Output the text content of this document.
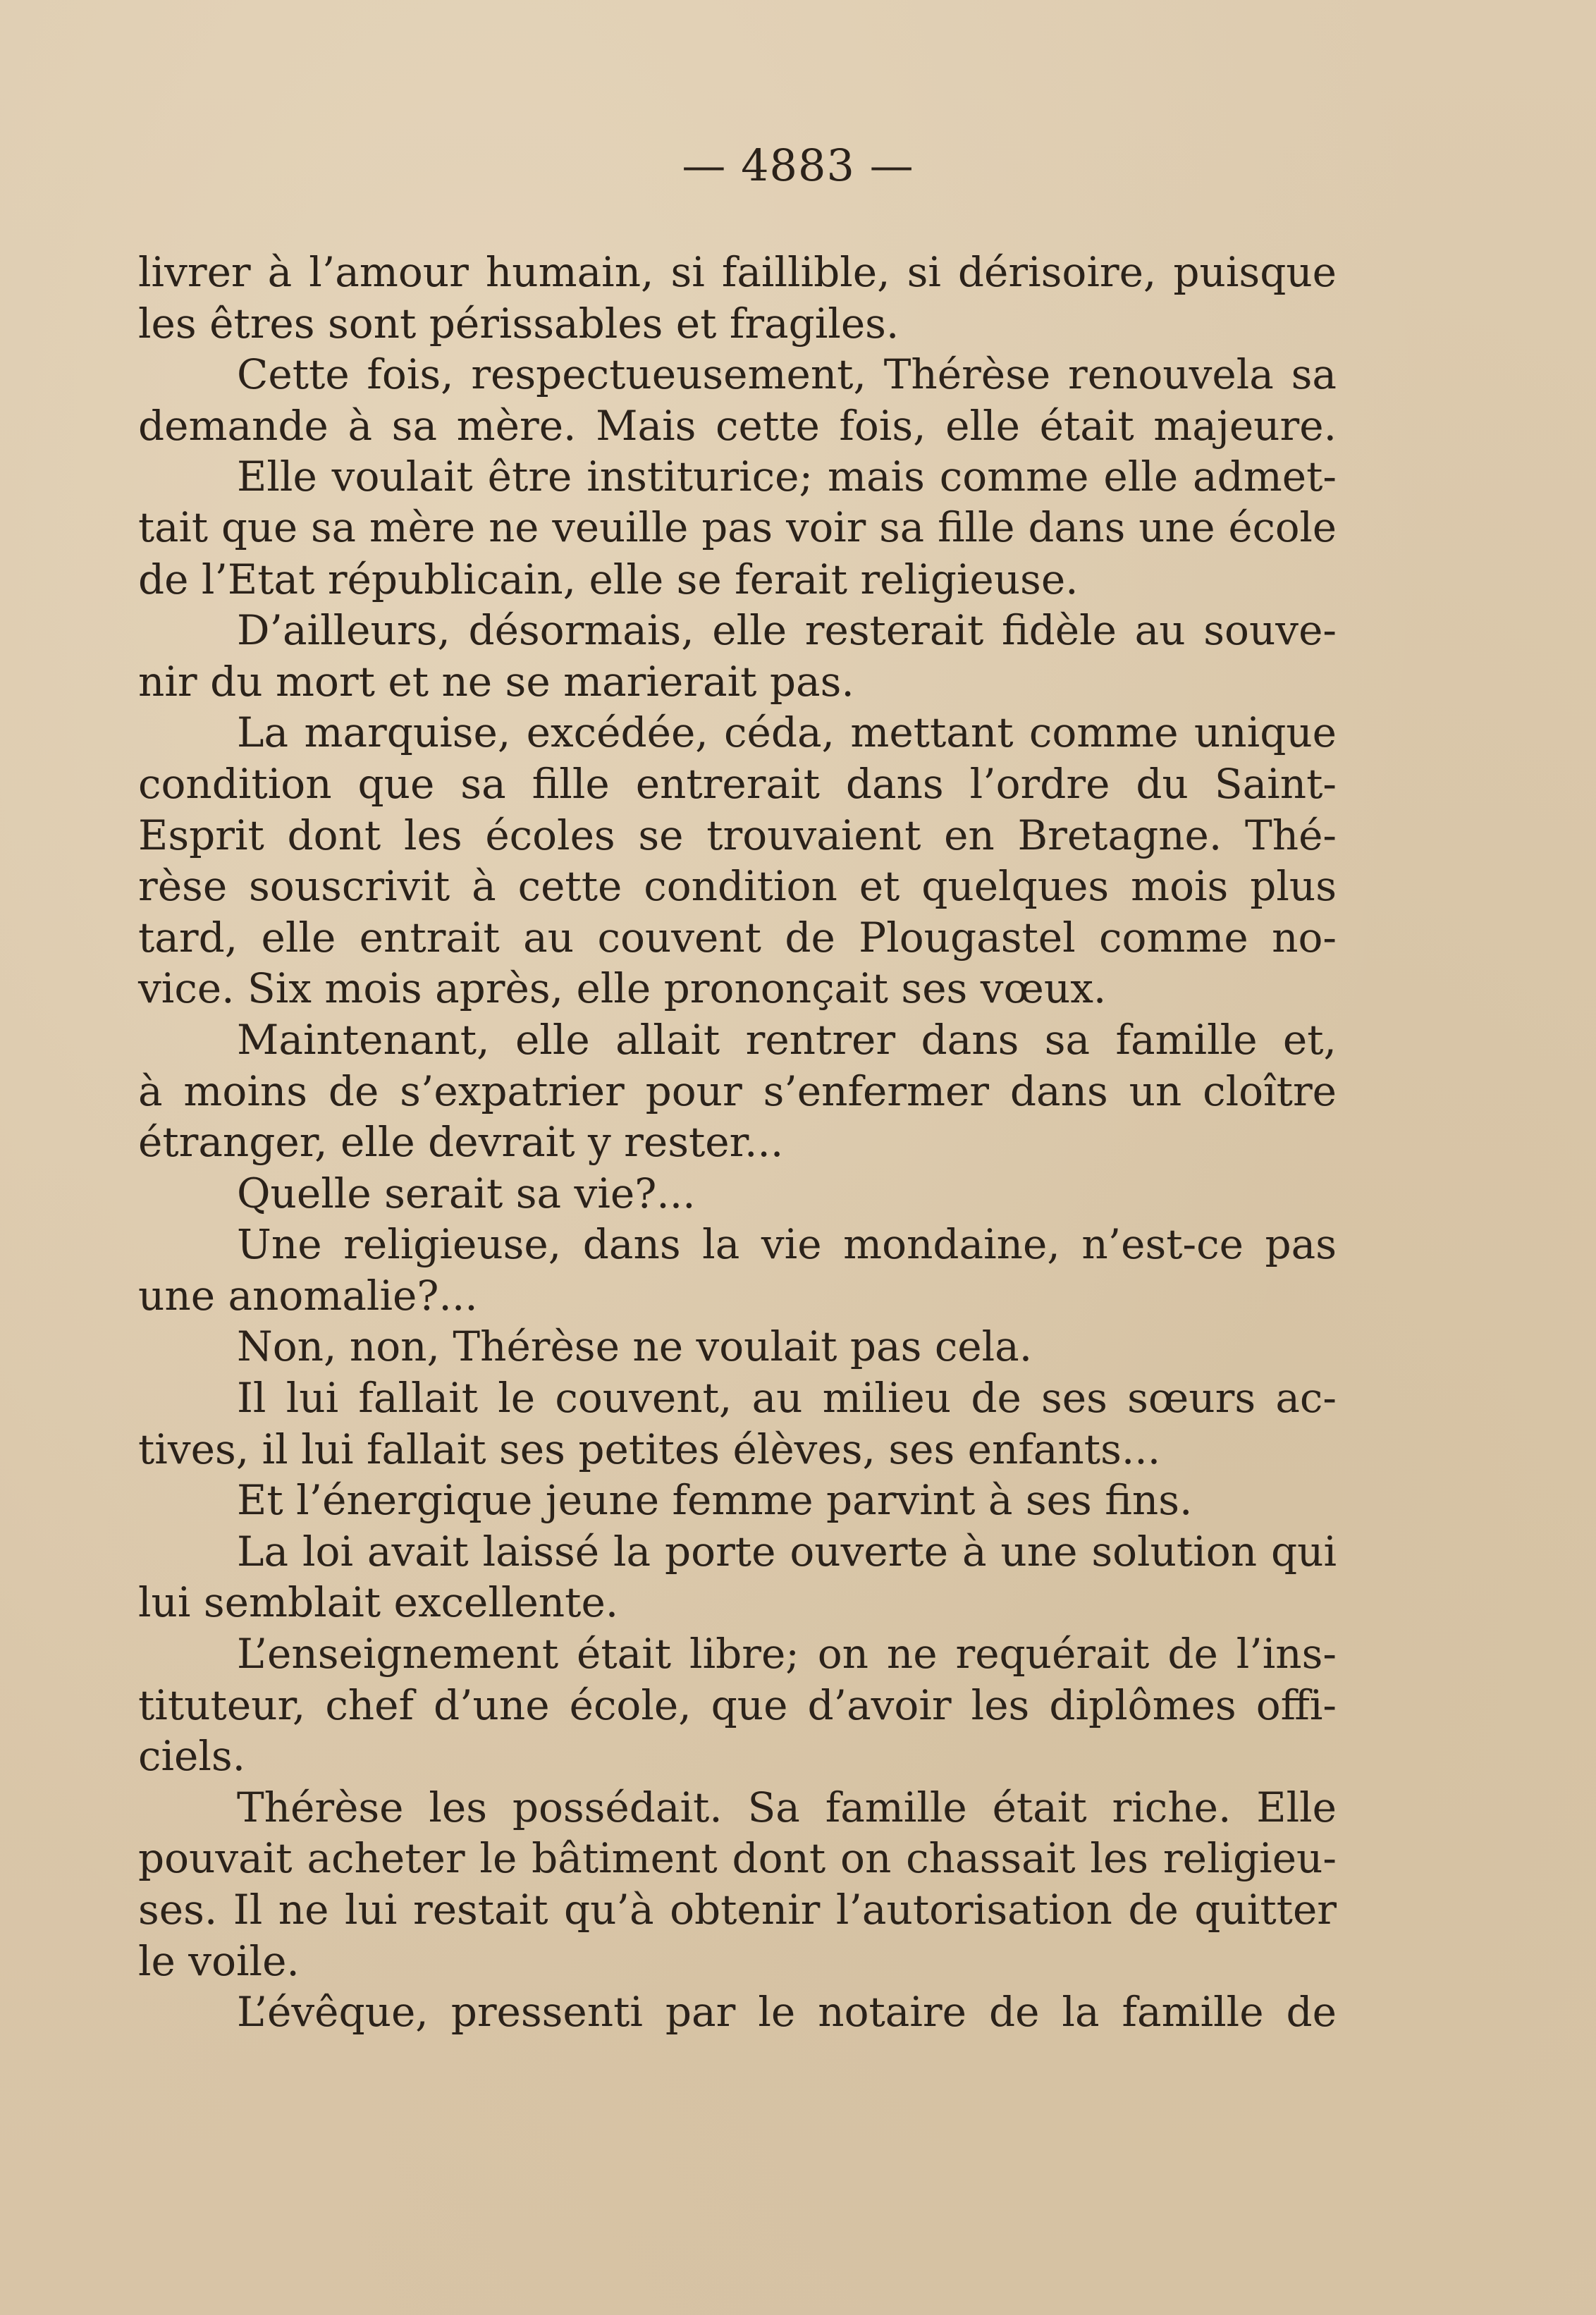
— 4883 —
livrer à l’amour humain, si faillible, si dérisoire, puisque
les êtres sont périssables et fragiles.
Cette fois, respectueusement, Thérèse renouvela sa
demande à sa mère. Mais cette fois, elle était majeure.
Elle voulait être institurice; mais comme elle admet-
tait que sa mère ne veuille pas voir sa fille dans une école
de l’Etat républicain, elle se ferait religieuse.
D’ailleurs, désormais, elle resterait fidèle au souve-
nir du mort et ne se marierait pas.
La marquise, excédée, céda, mettant comme unique
condition que sa fille entrerait dans l’ordre du Saint-
Esprit dont les écoles se trouvaient en Bretagne. Thé-
rèse souscrivit à cette condition et quelques mois plus
tard, elle entrait au couvent de Plougastel comme no-
vice. Six mois après, elle prononçait ses vœux.
Maintenant, elle allait rentrer dans sa famille et,
à moins de s’expatrier pour s’enfermer dans un cloître
étranger, elle devrait y rester...
Quelle serait sa vie?...
Une religieuse, dans la vie mondaine, n’est-ce pas
une anomalie?...
Non, non, Thérèse ne voulait pas cela.
Il lui fallait le couvent, au milieu de ses sœurs ac-
tives, il lui fallait ses petites élèves, ses enfants...
Et l’énergique jeune femme parvint à ses fins.
La loi avait laissé la porte ouverte à une solution qui
lui semblait excellente.
L’enseignement était libre; on ne requérait de l’ins-
tituteur, chef d’une école, que d’avoir les diplômes offi-
ciels.
Thérèse les possédait. Sa famille était riche. Elle
pouvait acheter le bâtiment dont on chassait les religieu-
ses. Il ne lui restait qu’à obtenir l’autorisation de quitter
le voile.
L’évêque, pressenti par le notaire de la famille de
